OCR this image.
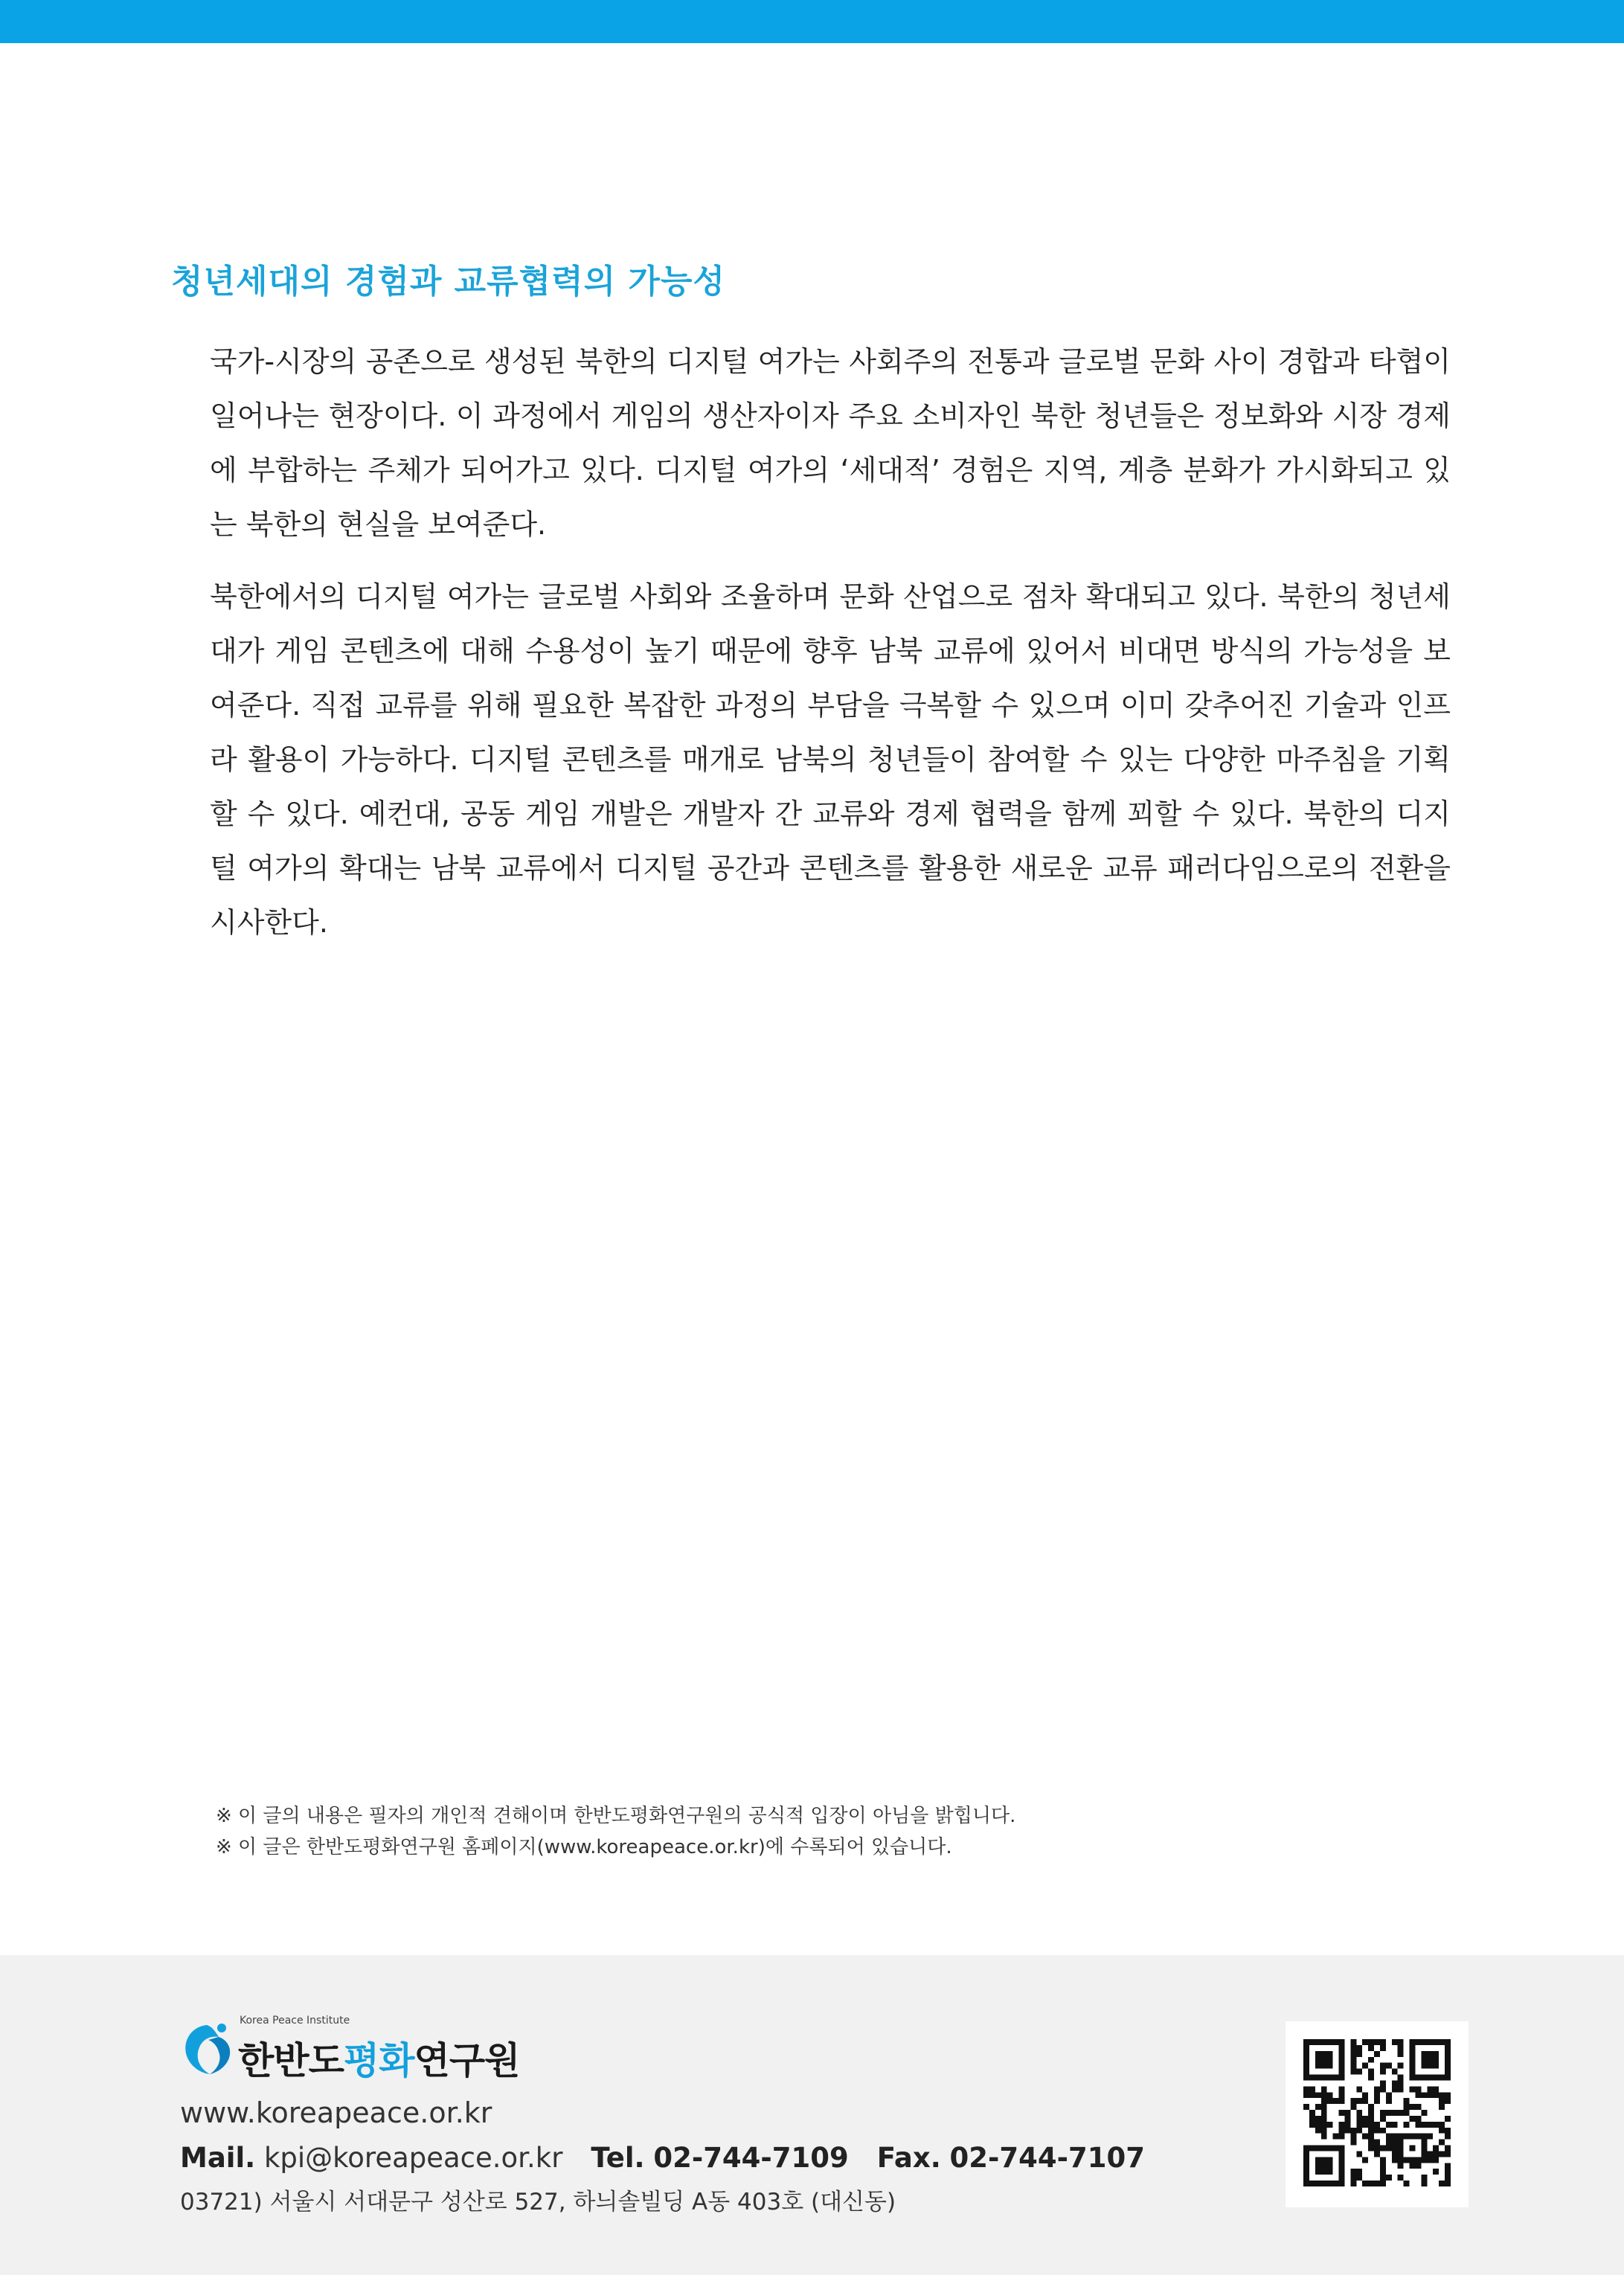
청년세대의 경험과 교류협력의 가능성

국가-시장의 공존으로 생성된 북한의 디지털 여가는 사회주의 전통과 글로벌 문화 사이 경합과 타협이 일어나는 현장이다. 이 과정에서 게임의 생산자이자 주요 소비자인 북한 청년들은 정보화와 시장 경제에 부합하는 주체가 되어가고 있다. 디지털 여가의 ‘세대적’ 경험은 지역, 계층 분화가 가시화되고 있는 북한의 현실을 보여준다.

북한에서의 디지털 여가는 글로벌 사회와 조율하며 문화 산업으로 점차 확대되고 있다. 북한의 청년세대가 게임 콘텐츠에 대해 수용성이 높기 때문에 향후 남북 교류에 있어서 비대면 방식의 가능성을 보여준다. 직접 교류를 위해 필요한 복잡한 과정의 부담을 극복할 수 있으며 이미 갖추어진 기술과 인프라 활용이 가능하다. 디지털 콘텐츠를 매개로 남북의 청년들이 참여할 수 있는 다양한 마주침을 기획할 수 있다. 예컨대, 공동 게임 개발은 개발자 간 교류와 경제 협력을 함께 꾀할 수 있다. 북한의 디지털 여가의 확대는 남북 교류에서 디지털 공간과 콘텐츠를 활용한 새로운 교류 패러다임으로의 전환을 시사한다.

※ 이 글의 내용은 필자의 개인적 견해이며 한반도평화연구원의 공식적 입장이 아님을 밝힙니다.
※ 이 글은 한반도평화연구원 홈페이지(www.koreapeace.or.kr)에 수록되어 있습니다.
Korea Peace Institute
한반도평화연구원
www.koreapeace.or.kr
Mail. kpi@koreapeace.or.kr Tel. 02-744-7109 Fax. 02-744-7107
03721) 서울시 서대문구 성산로 527, 하늬솔빌딩 A동 403호 (대신동)
